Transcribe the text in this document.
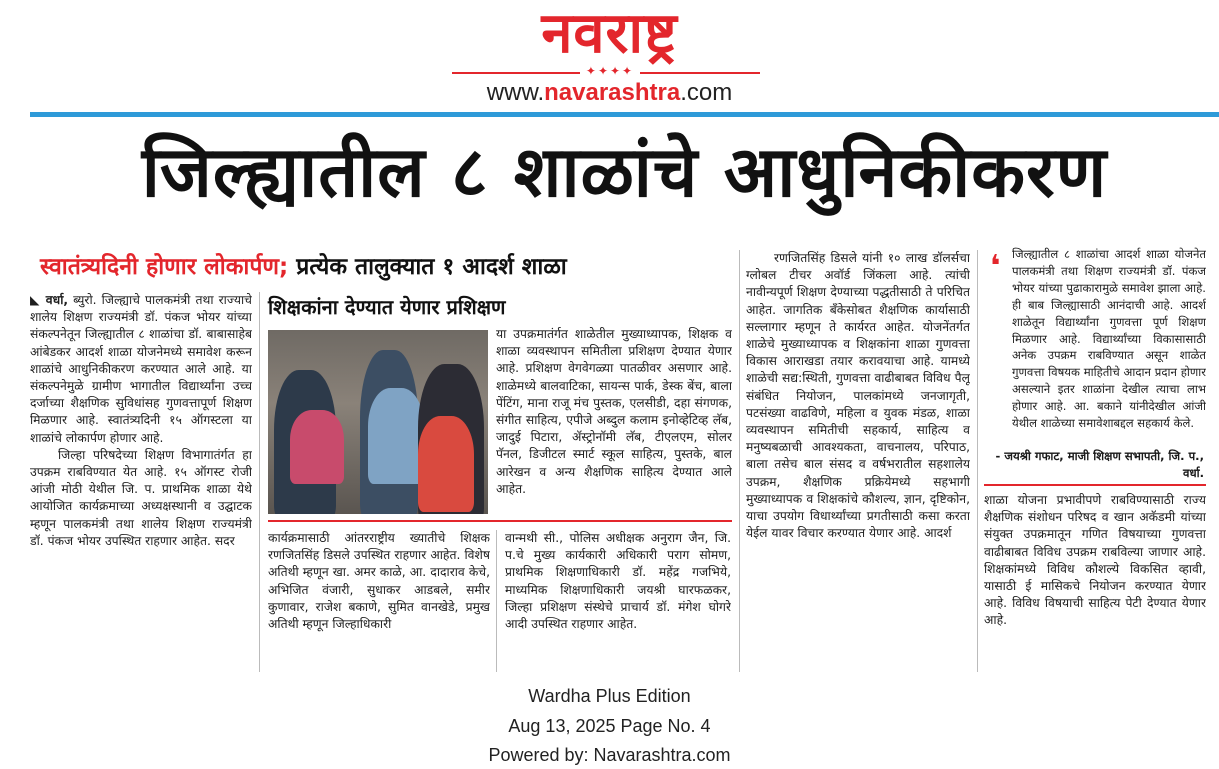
नवराष्ट्र
✦✦✦✦
www.navarashtra.com
जिल्ह्यातील ८ शाळांचे आधुनिकीकरण
स्वातंत्र्यदिनी होणार लोकार्पण; प्रत्येक तालुक्यात १ आदर्श शाळा

◣ वर्धा, ब्युरो. जिल्ह्याचे पालकमंत्री तथा राज्याचे शालेय शिक्षण राज्यमंत्री डॉ. पंकज भोयर यांच्या संकल्पनेतून जिल्ह्यातील ८ शाळांचा डॉ. बाबासाहेब आंबेडकर आदर्श शाळा योजनेमध्ये समावेश करून शाळांचे आधुनिकीकरण करण्यात आले आहे. या संकल्पनेमुळे ग्रामीण भागातील विद्यार्थ्यांना उच्च दर्जाच्या शैक्षणिक सुविधांसह गुणवत्तापूर्ण शिक्षण मिळणार आहे. स्वातंत्र्यदिनी १५ ऑगस्टला या शाळांचे लोकार्पण होणार आहे.

जिल्हा परिषदेच्या शिक्षण विभागातंर्गत हा उपक्रम राबविण्यात येत आहे. १५ ऑगस्ट रोजी आंजी मोठी येथील जि. प. प्राथमिक शाळा येथे आयोजित कार्यक्रमाच्या अध्यक्षस्थानी व उद्घाटक म्हणून पालकमंत्री तथा शालेय शिक्षण राज्यमंत्री डॉ. पंकज भोयर उपस्थित राहणार आहेत. सदर

शिक्षकांना देण्यात येणार प्रशिक्षण
या उपक्रमातंर्गत शाळेतील मुख्याध्यापक, शिक्षक व शाळा व्यवस्थापन समितीला प्रशिक्षण देण्यात येणार आहे. प्रशिक्षण वेगवेगळ्या पातळीवर असणार आहे. शाळेमध्ये बालवाटिका, सायन्स पार्क, डेस्क बेंच, बाला पेंटिंग, माना राजू मंच पुस्तक, एलसीडी, दहा संगणक, संगीत साहित्य, एपीजे अब्दुल कलाम इनोव्हेटिव्ह लॅब, जादुई पिटारा, ॲस्ट्रोनॉमी लॅब, टीएलएम, सोलर पॅनल, डिजीटल स्मार्ट स्कूल साहित्य, पुस्तके, बाल आरेखन व अन्य शैक्षणिक साहित्य देण्यात आले आहेत.
कार्यक्रमासाठी आंतरराष्ट्रीय ख्यातीचे शिक्षक रणजितसिंह डिसले उपस्थित राहणार आहेत. विशेष अतिथी म्हणून खा. अमर काळे, आ. दादाराव केचे, अभिजित वंजारी, सुधाकर आडबले, समीर कुणावार, राजेश बकाणे, सुमित वानखेडे, प्रमुख अतिथी म्हणून जिल्हाधिकारी
वान्मथी सी., पोलिस अधीक्षक अनुराग जैन, जि. प.चे मुख्य कार्यकारी अधिकारी पराग सोमण, प्राथमिक शिक्षणाधिकारी डॉ. महेंद्र गजभिये, माध्यमिक शिक्षणाधिकारी जयश्री घारफळकर, जिल्हा प्रशिक्षण संस्थेचे प्राचार्य डॉ. मंगेश घोगरे आदी उपस्थित राहणार आहेत.
रणजितसिंह डिसले यांनी १० लाख डॉलर्सचा ग्लोबल टीचर अवॉर्ड जिंकला आहे. त्यांची नावीन्यपूर्ण शिक्षण देण्याच्या पद्धतीसाठी ते परिचित आहेत. जागतिक बँकेसोबत शैक्षणिक कार्यासाठी सल्लागार म्हणून ते कार्यरत आहेत. योजनेंतर्गत शाळेचे मुख्याध्यापक व शिक्षकांना शाळा गुणवत्ता विकास आराखडा तयार करावयाचा आहे. यामध्ये शाळेची सद्य:स्थिती, गुणवत्ता वाढीबाबत विविध पैलू संबंधित नियोजन, पालकांमध्ये जनजागृती, पटसंख्या वाढविणे, महिला व युवक मंडळ, शाळा व्यवस्थापन समितीची सहकार्य, साहित्य व मनुष्यबळाची आवश्यकता, वाचनालय, परिपाठ, बाला तसेच बाल संसद व वर्षभरातील सहशालेय उपक्रम, शैक्षणिक प्रक्रियेमध्ये सहभागी मुख्याध्यापक व शिक्षकांचे कौशल्य, ज्ञान, दृष्टिकोन, याचा उपयोग विधार्थ्यांच्या प्रगतीसाठी कसा करता येईल यावर विचार करण्यात येणार आहे. आदर्श
❛ जिल्ह्यातील ८ शाळांचा आदर्श शाळा योजनेत पालकमंत्री तथा शिक्षण राज्यमंत्री डॉ. पंकज भोयर यांच्या पुढाकारामुळे समावेश झाला आहे. ही बाब जिल्ह्यासाठी आनंदाची आहे. आदर्श शाळेतून विद्यार्थ्यांना गुणवत्ता पूर्ण शिक्षण मिळणार आहे. विद्यार्थ्यांच्या विकासासाठी अनेक उपक्रम राबविण्यात असून शाळेत गुणवत्ता विषयक माहितीचे आदान प्रदान होणार असल्याने इतर शाळांना देखील त्याचा लाभ होणार आहे. आ. बकाने यांनीदेखील आंजी येथील शाळेच्या समावेशाबद्दल सहकार्य केले.
- जयश्री गफाट, माजी शिक्षण सभापती, जि. प., वर्धा.
शाळा योजना प्रभावीपणे राबविण्यासाठी राज्य शैक्षणिक संशोधन परिषद व खान अकॅडमी यांच्या संयुक्त उपक्रमातून गणित विषयाच्या गुणवत्ता वाढीबाबत विविध उपक्रम राबविल्या जाणार आहे. शिक्षकांमध्ये विविध कौशल्ये विकसित व्हावी, यासाठी ई मासिकचे नियोजन करण्यात येणार आहे. विविध विषयाची साहित्य पेटी देण्यात येणार आहे.
Wardha Plus Edition
Aug 13, 2025 Page No. 4
Powered by: Navarashtra.com
